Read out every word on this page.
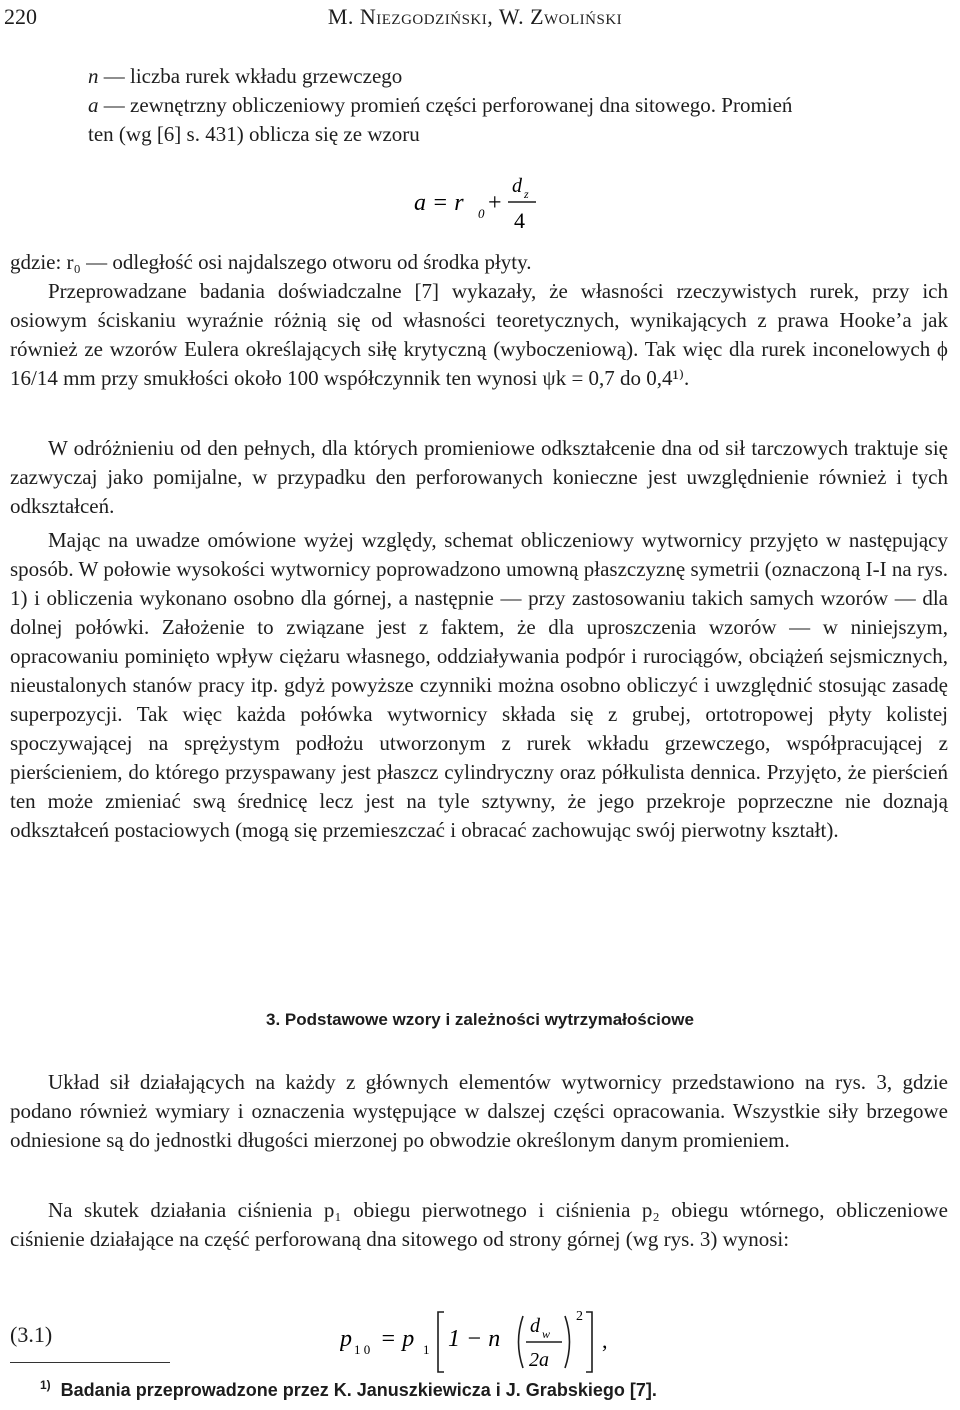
220	M. Niezgodziński, W. Zwoliński
n — liczba rurek wkładu grzewczego
a — zewnętrzny obliczeniowy promień części perforowanej dna sitowego. Promień
ten (wg [6] s. 431) oblicza się ze wzoru
a = r 0 +
d z
4
gdzie: r₀ — odległość osi najdalszego otworu od środka płyty.
Przeprowadzane badania doświadczalne [7] wykazały, że własności rzeczywistych rurek, przy ich osiowym ściskaniu wyraźnie różnią się od własności teoretycznych, wynikających z prawa Hooke’a jak również ze wzorów Eulera określających siłę krytyczną (wyboczeniową). Tak więc dla rurek inconelowych ϕ 16/14 mm przy smukłości około 100 współczynnik ten wynosi ψk = 0,7 do 0,4¹⁾.
W odróżnieniu od den pełnych, dla których promieniowe odkształcenie dna od sił tarczowych traktuje się zazwyczaj jako pomijalne, w przypadku den perforowanych konieczne jest uwzględnienie również i tych odkształceń.
Mając na uwadze omówione wyżej względy, schemat obliczeniowy wytwornicy przyjęto w następujący sposób. W połowie wysokości wytwornicy poprowadzono umowną płaszczyznę symetrii (oznaczoną I-I na rys. 1) i obliczenia wykonano osobno dla górnej, a następnie — przy zastosowaniu takich samych wzorów — dla dolnej połówki. Założenie to związane jest z faktem, że dla uproszczenia wzorów — w niniejszym, opracowaniu pominięto wpływ ciężaru własnego, oddziaływania podpór i rurociągów, obciążeń sejsmicznych, nieustalonych stanów pracy itp. gdyż powyższe czynniki można osobno obliczyć i uwzględnić stosując zasadę superpozycji. Tak więc każda połówka wytwornicy składa się z grubej, ortotropowej płyty kolistej spoczywającej na sprężystym podłożu utworzonym z rurek wkładu grzewczego, współpracującej z pierścieniem, do którego przyspawany jest płaszcz cylindryczny oraz półkulista dennica. Przyjęto, że pierścień ten może zmieniać swą średnicę lecz jest na tyle sztywny, że jego przekroje poprzeczne nie doznają odkształceń postaciowych (mogą się przemieszczać i obracać zachowując swój pierwotny kształt).
3. Podstawowe wzory i zależności wytrzymałościowe
Układ sił działających na każdy z głównych elementów wytwornicy przedstawiono na rys. 3, gdzie podano również wymiary i oznaczenia występujące w dalszej części opracowania. Wszystkie siły brzegowe odniesione są do jednostki długości mierzonej po obwodzie określonym danym promieniem.
Na skutek działania ciśnienia p₁ obiegu pierwotnego i ciśnienia p₂ obiegu wtórnego, obliczeniowe ciśnienie działające na część perforowaną dna sitowego od strony górnej (wg rys. 3) wynosi:
(3.1)	p 1 0 = p 1 1 − n d w
2a
2
,
$^{1)}$ Badania przeprowadzone przez K. Januszkiewicza i J. Grabskiego [7].
